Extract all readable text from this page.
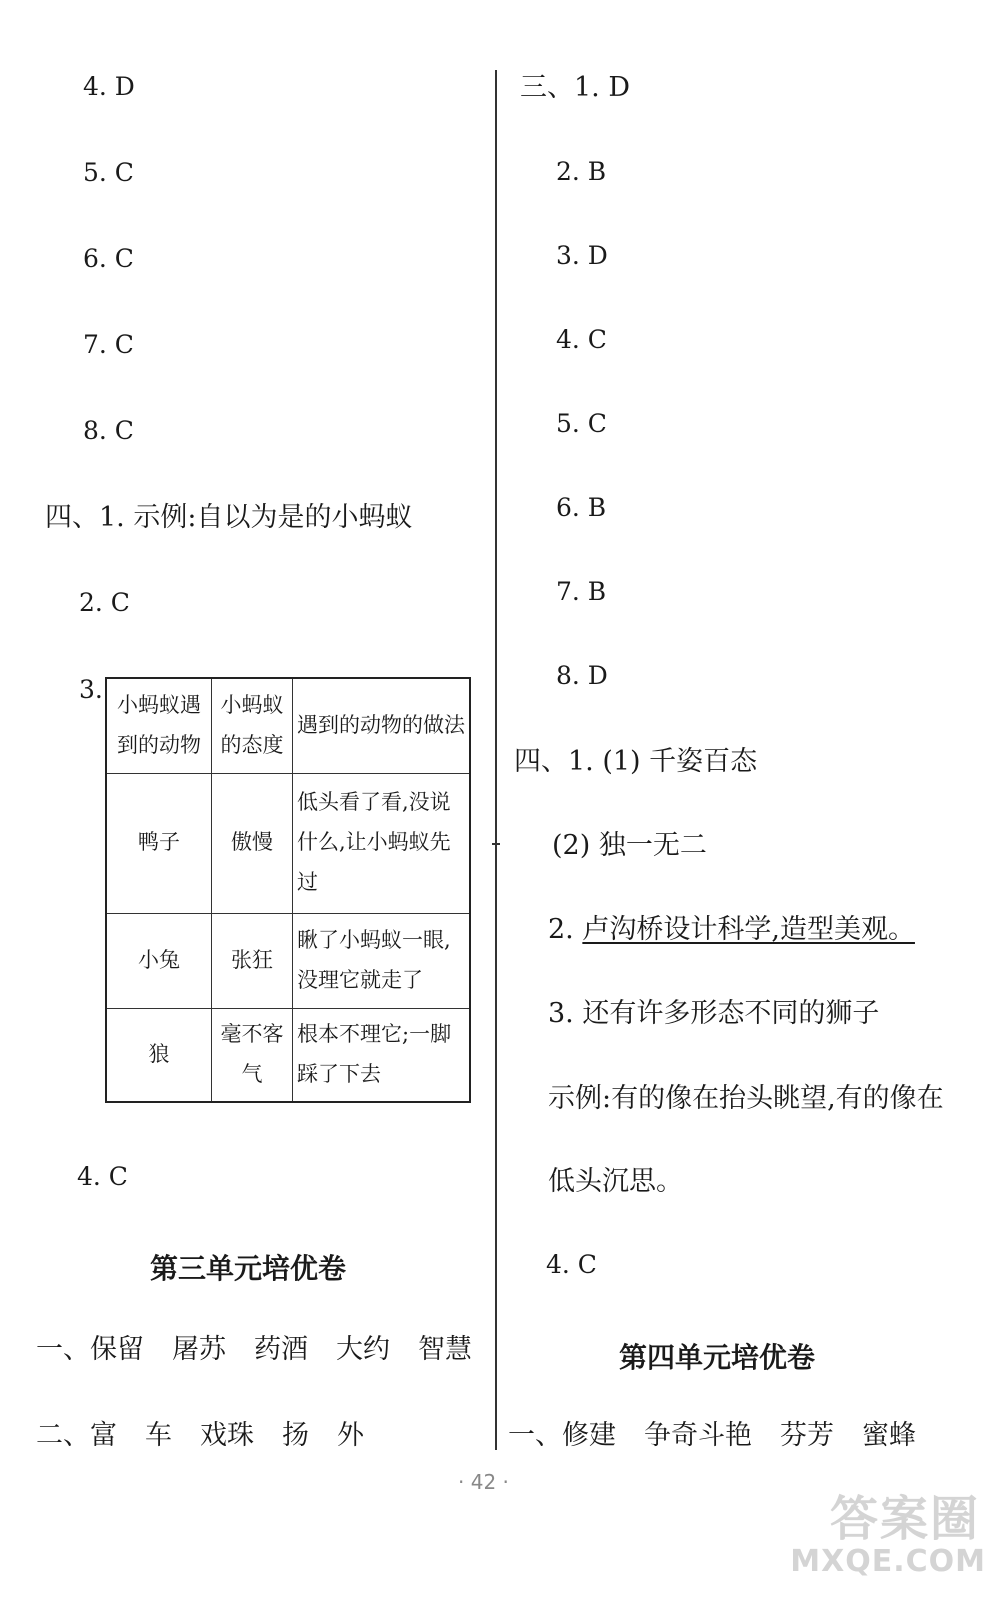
4. D
5. C
6. C
7. C
8. C
四、1. 示例:自以为是的小蚂蚁
2. C
3.
小蚂蚁遇到的动物	小蚂蚁的态度	遇到的动物的做法
鸭子	傲慢	低头看了看,没说什么,让小蚂蚁先过
小兔	张狂	瞅了小蚂蚁一眼,没理它就走了
狼	毫不客气	根本不理它;一脚踩了下去
4. C
第三单元培优卷
一、保留 屠苏 药酒 大约 智慧
二、富 车 戏珠 扬 外
三、1. D
2. B
3. D
4. C
5. C
6. B
7. B
8. D
四、1. (1) 千姿百态
(2) 独一无二
2. 卢沟桥设计科学,造型美观。
3. 还有许多形态不同的狮子
示例:有的像在抬头眺望,有的像在
低头沉思。
4. C
第四单元培优卷
一、修建 争奇斗艳 芬芳 蜜蜂
· 42 ·
答案圈
MXQE.COM
